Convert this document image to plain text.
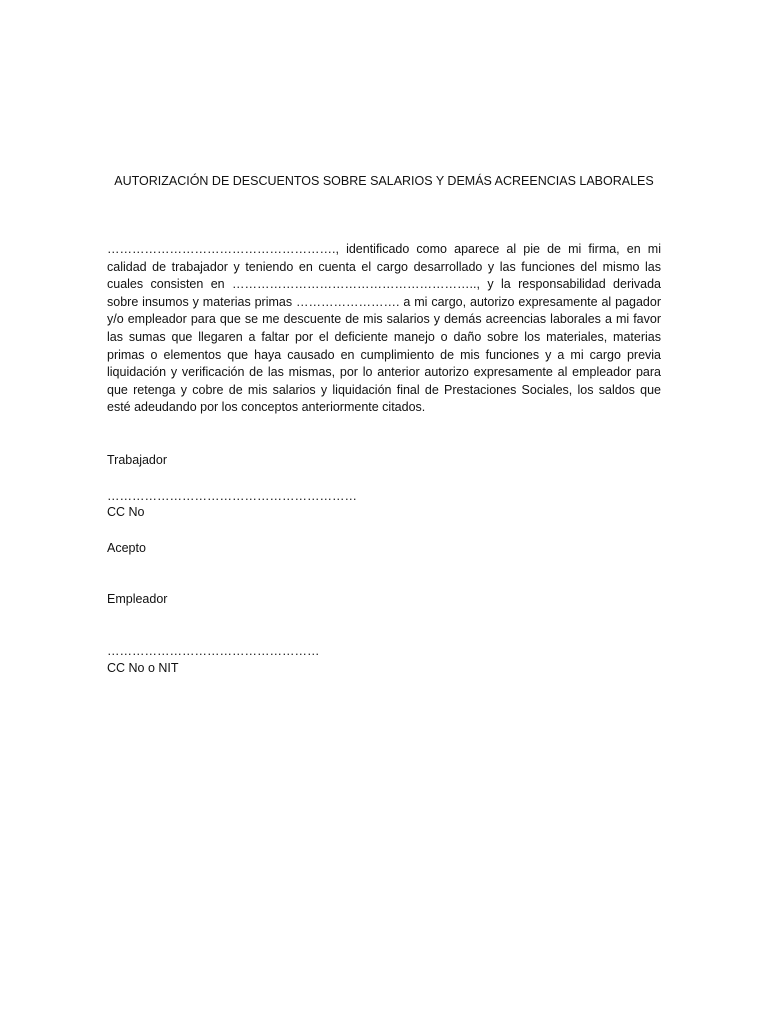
AUTORIZACIÓN DE DESCUENTOS SOBRE SALARIOS Y DEMÁS ACREENCIAS LABORALES
………………………………………………., identificado como aparece al pie de mi firma, en mi calidad de trabajador y teniendo en cuenta el cargo desarrollado y las funciones del mismo las cuales consisten en ………………………………………………….., y la responsabilidad derivada sobre insumos y materias primas ……………………. a mi cargo, autorizo expresamente al pagador y/o empleador para que se me descuente de mis salarios y demás acreencias laborales a mi favor las sumas que llegaren a faltar por el deficiente manejo o daño sobre los materiales, materias primas o elementos que haya causado en cumplimiento de mis funciones y a mi cargo previa liquidación y verificación de las mismas, por lo anterior autorizo expresamente al empleador para que retenga y cobre de mis salarios y liquidación final de Prestaciones Sociales, los saldos que esté adeudando por los conceptos anteriormente citados.
Trabajador
……………………………………………………
CC No
Acepto
Empleador
……………………………………………
CC No o NIT
